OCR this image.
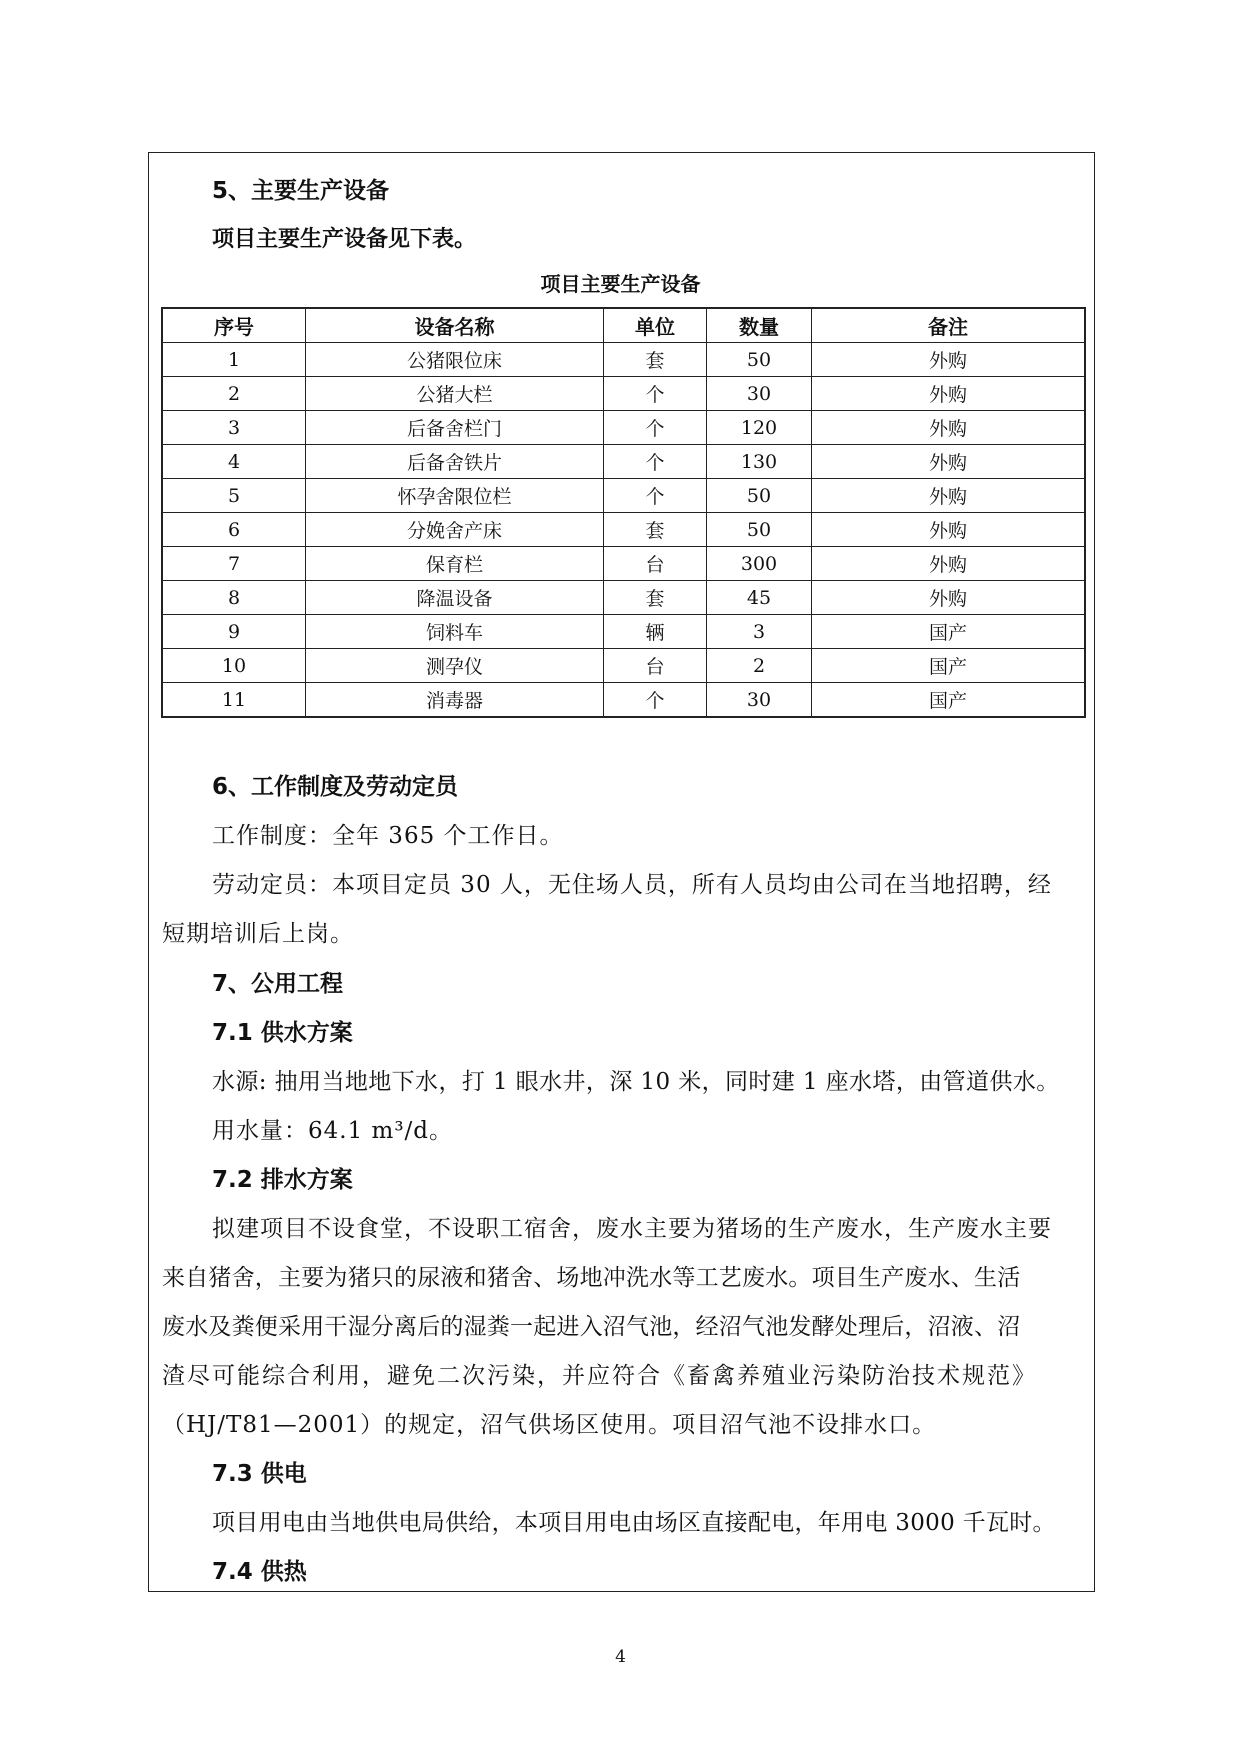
5、主要生产设备
项目主要生产设备见下表。
项目主要生产设备
序号	设备名称	单位	数量	备注
1	公猪限位床	套	50	外购
2	公猪大栏	个	30	外购
3	后备舍栏门	个	120	外购
4	后备舍铁片	个	130	外购
5	怀孕舍限位栏	个	50	外购
6	分娩舍产床	套	50	外购
7	保育栏	台	300	外购
8	降温设备	套	45	外购
9	饲料车	辆	3	国产
10	测孕仪	台	2	国产
11	消毒器	个	30	国产
6、工作制度及劳动定员
工作制度：全年 365 个工作日。
劳动定员：本项目定员 30 人，无住场人员，所有人员均由公司在当地招聘，经
短期培训后上岗。
7、公用工程
7.1 供水方案
水源: 抽用当地地下水，打 1 眼水井，深 10 米，同时建 1 座水塔，由管道供水。
用水量：64.1 m³/d。
7.2 排水方案
拟建项目不设食堂，不设职工宿舍，废水主要为猪场的生产废水，生产废水主要
来自猪舍，主要为猪只的尿液和猪舍、场地冲洗水等工艺废水。项目生产废水、生活
废水及粪便采用干湿分离后的湿粪一起进入沼气池，经沼气池发酵处理后，沼液、沼
渣尽可能综合利用，避免二次污染，并应符合《畜禽养殖业污染防治技术规范》
（HJ/T81—2001）的规定，沼气供场区使用。项目沼气池不设排水口。
7.3 供电
项目用电由当地供电局供给，本项目用电由场区直接配电，年用电 3000 千瓦时。
7.4 供热
4
